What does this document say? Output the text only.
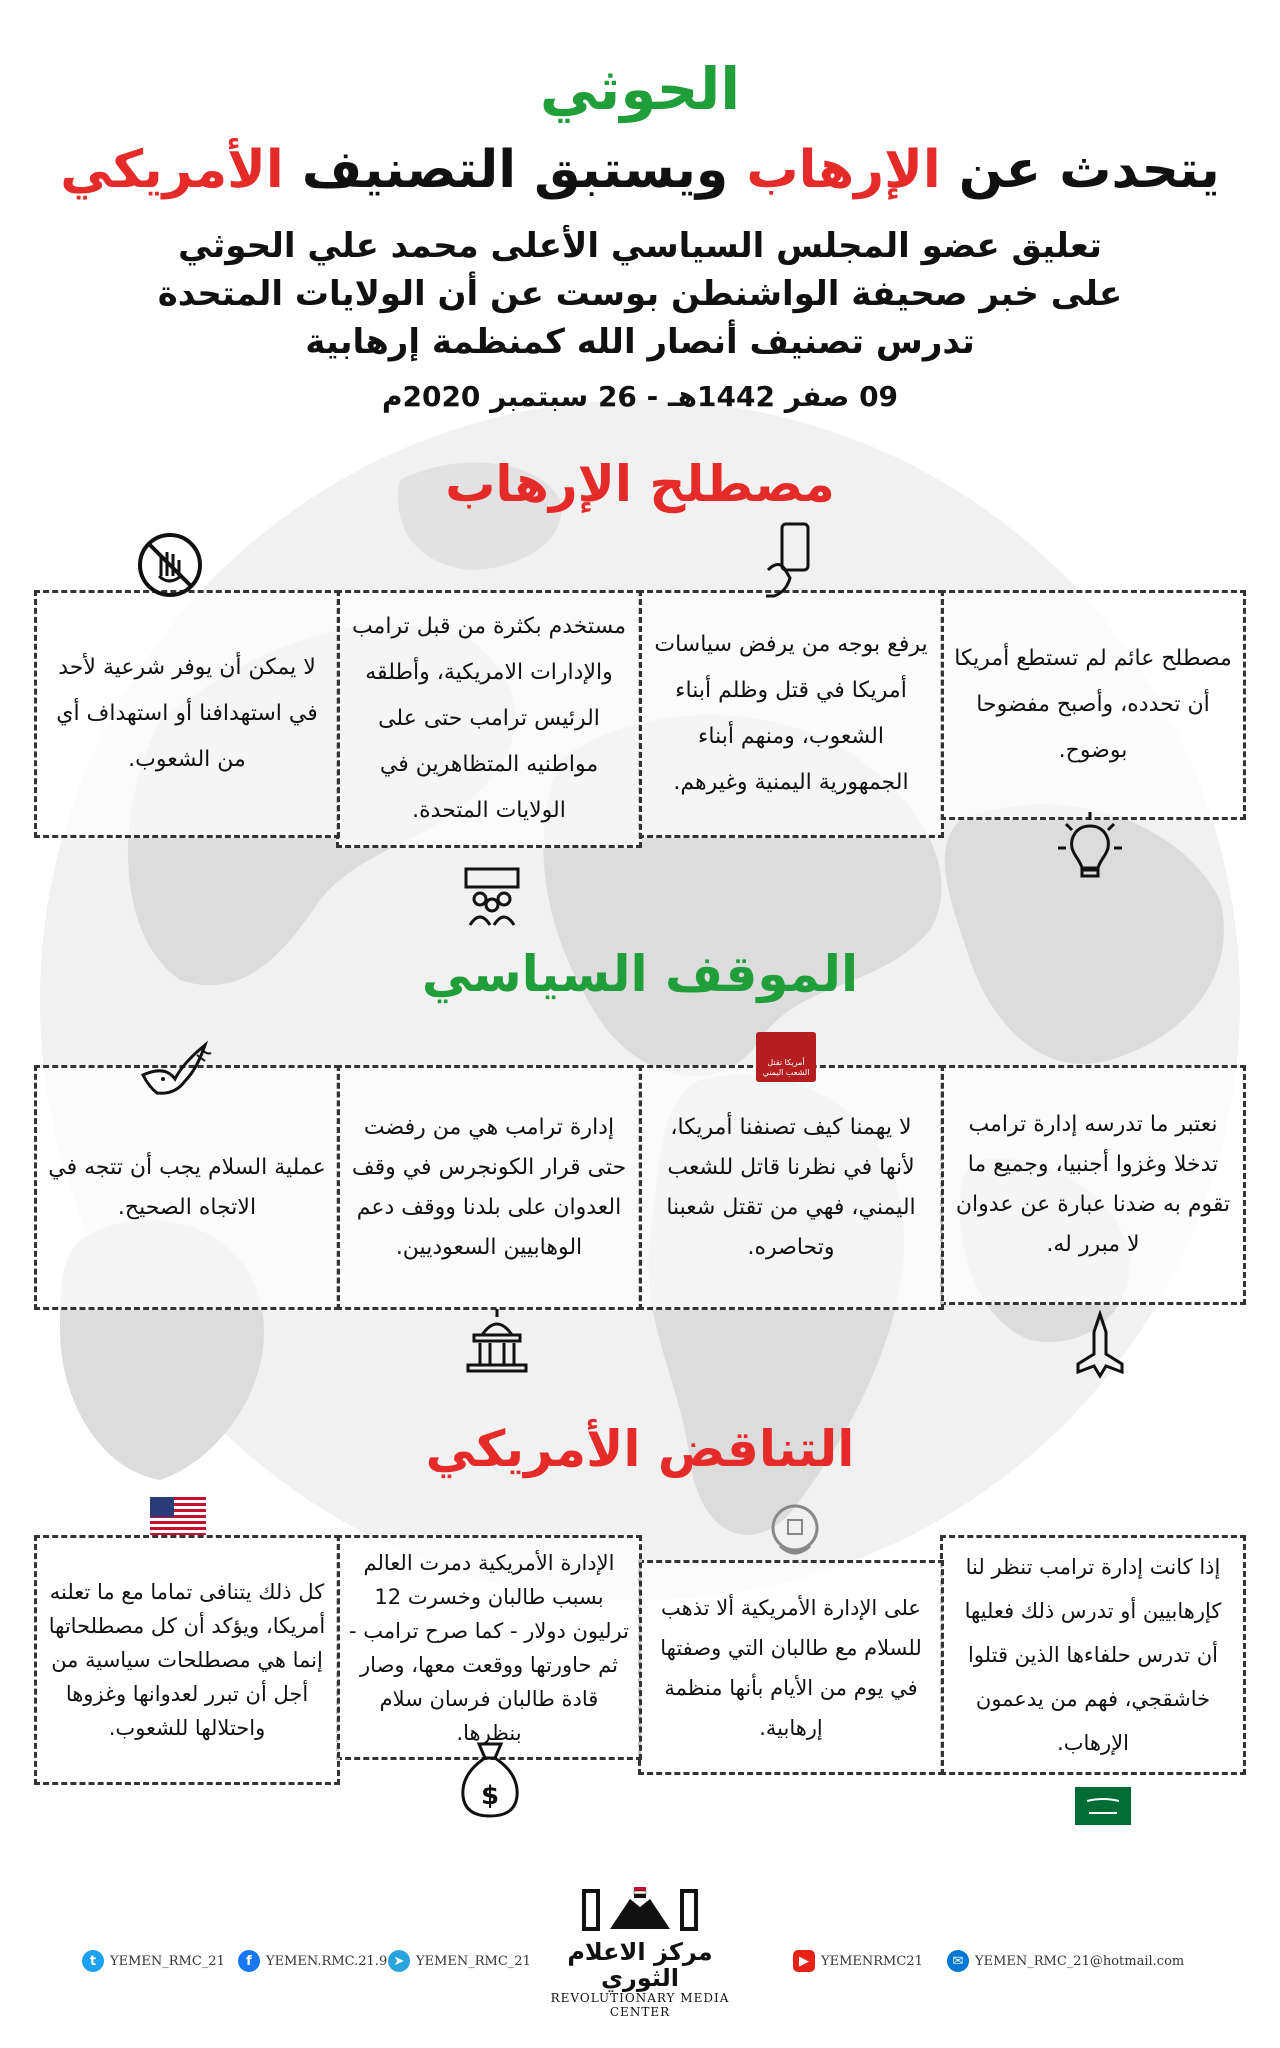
الحوثي
يتحدث عن الإرهاب ويستبق التصنيف الأمريكي
تعليق عضو المجلس السياسي الأعلى محمد علي الحوثي
على خبر صحيفة الواشنطن بوست عن أن الولايات المتحدة
تدرس تصنيف أنصار الله كمنظمة إرهابية
09 صفر 1442هـ - 26 سبتمبر 2020م
مصطلح الإرهاب
مصطلح عائم لم تستطع أمريكا أن تحدده، وأصبح مفضوحا بوضوح.
يرفع بوجه من يرفض سياسات أمريكا في قتل وظلم أبناء الشعوب، ومنهم أبناء الجمهورية اليمنية وغيرهم.
مستخدم بكثرة من قبل ترامب والإدارات الامريكية، وأطلقه الرئيس ترامب حتى على مواطنيه المتظاهرين في الولايات المتحدة.
لا يمكن أن يوفر شرعية لأحد في استهدافنا أو استهداف أي من الشعوب.
الموقف السياسي
نعتبر ما تدرسه إدارة ترامب تدخلا وغزوا أجنبيا، وجميع ما تقوم به ضدنا عبارة عن عدوان لا مبرر له.
لا يهمنا كيف تصنفنا أمريكا، لأنها في نظرنا قاتل للشعب اليمني، فهي من تقتل شعبنا وتحاصره.
إدارة ترامب هي من رفضت حتى قرار الكونجرس في وقف العدوان على بلدنا ووقف دعم الوهابيين السعوديين.
عملية السلام يجب أن تتجه في الاتجاه الصحيح.
أمريكا تقتل الشعب اليمني
التناقض الأمريكي
إذا كانت إدارة ترامب تنظر لنا كإرهابيين أو تدرس ذلك فعليها أن تدرس حلفاءها الذين قتلوا خاشقجي، فهم من يدعمون الإرهاب.
على الإدارة الأمريكية ألا تذهب للسلام مع طالبان التي وصفتها في يوم من الأيام بأنها منظمة إرهابية.
الإدارة الأمريكية دمرت العالم بسبب طالبان وخسرت 12 ترليون دولار - كما صرح ترامب - ثم حاورتها ووقعت معها، وصار قادة طالبان فرسان سلام بنظرها.
كل ذلك يتنافى تماما مع ما تعلنه أمريكا، ويؤكد أن كل مصطلحاتها إنما هي مصطلحات سياسية من أجل أن تبرر لعدوانها وغزوها واحتلالها للشعوب.
$
مركز الاعلام الثوري
REVOLUTIONARY MEDIA
CENTER
t	YEMEN_RMC_21	f	YEMEN.RMC.21.9 ➤ YEMEN_RMC_21	▶ YEMENRMC21	✉ YEMEN_RMC_21@hotmail.com
